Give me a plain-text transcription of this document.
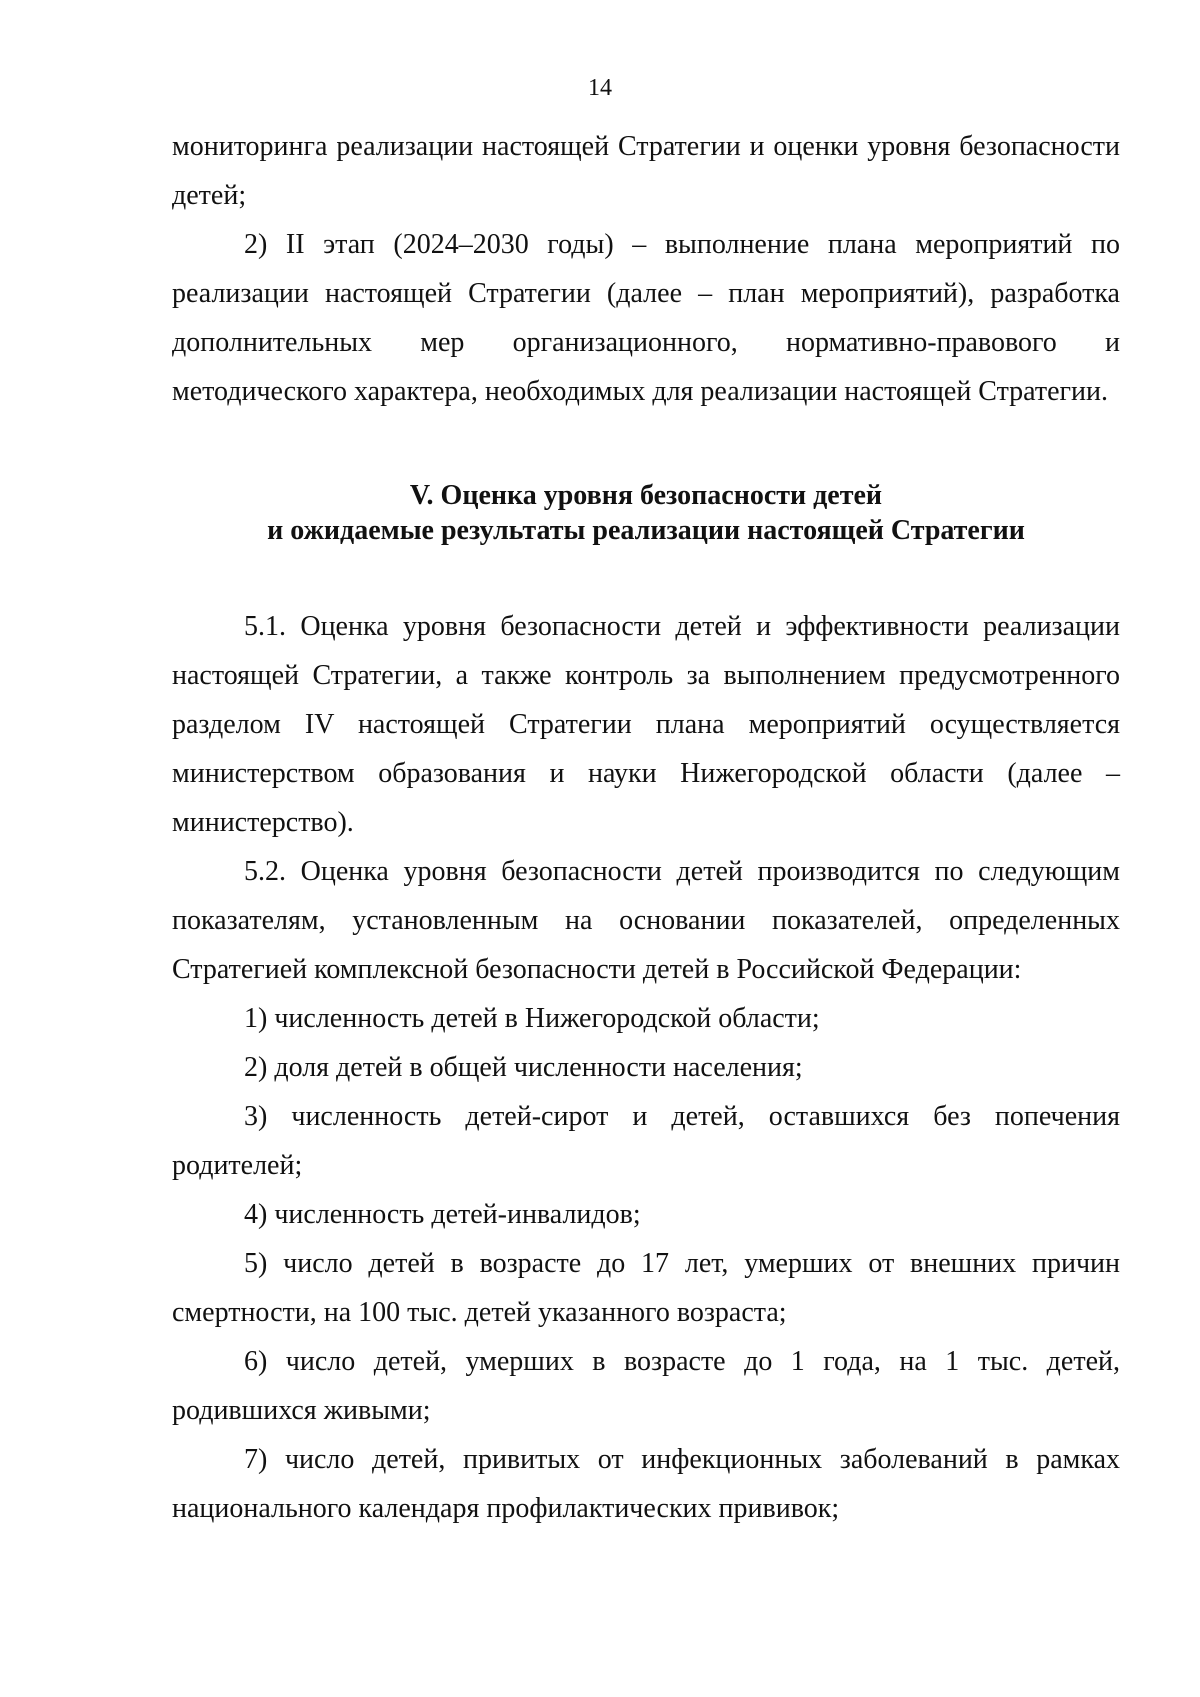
14

мониторинга реализации настоящей Стратегии и оценки уровня безопасности детей;

2) II этап (2024–2030 годы) – выполнение плана мероприятий по реализации настоящей Стратегии (далее – план мероприятий), разработка дополнительных мер организационного, нормативно-правового и методического характера, необходимых для реализации настоящей Стратегии.

V. Оценка уровня безопасности детей
и ожидаемые результаты реализации настоящей Стратегии

5.1. Оценка уровня безопасности детей и эффективности реализации настоящей Стратегии, а также контроль за выполнением предусмотренного разделом IV настоящей Стратегии плана мероприятий осуществляется министерством образования и науки Нижегородской области (далее – министерство).

5.2. Оценка уровня безопасности детей производится по следующим показателям, установленным на основании показателей, определенных Стратегией комплексной безопасности детей в Российской Федерации:

1) численность детей в Нижегородской области;

2) доля детей в общей численности населения;

3) численность детей-сирот и детей, оставшихся без попечения родителей;

4) численность детей-инвалидов;

5) число детей в возрасте до 17 лет, умерших от внешних причин смертности, на 100 тыс. детей указанного возраста;

6) число детей, умерших в возрасте до 1 года, на 1 тыс. детей, родившихся живыми;

7) число детей, привитых от инфекционных заболеваний в рамках национального календаря профилактических прививок;
